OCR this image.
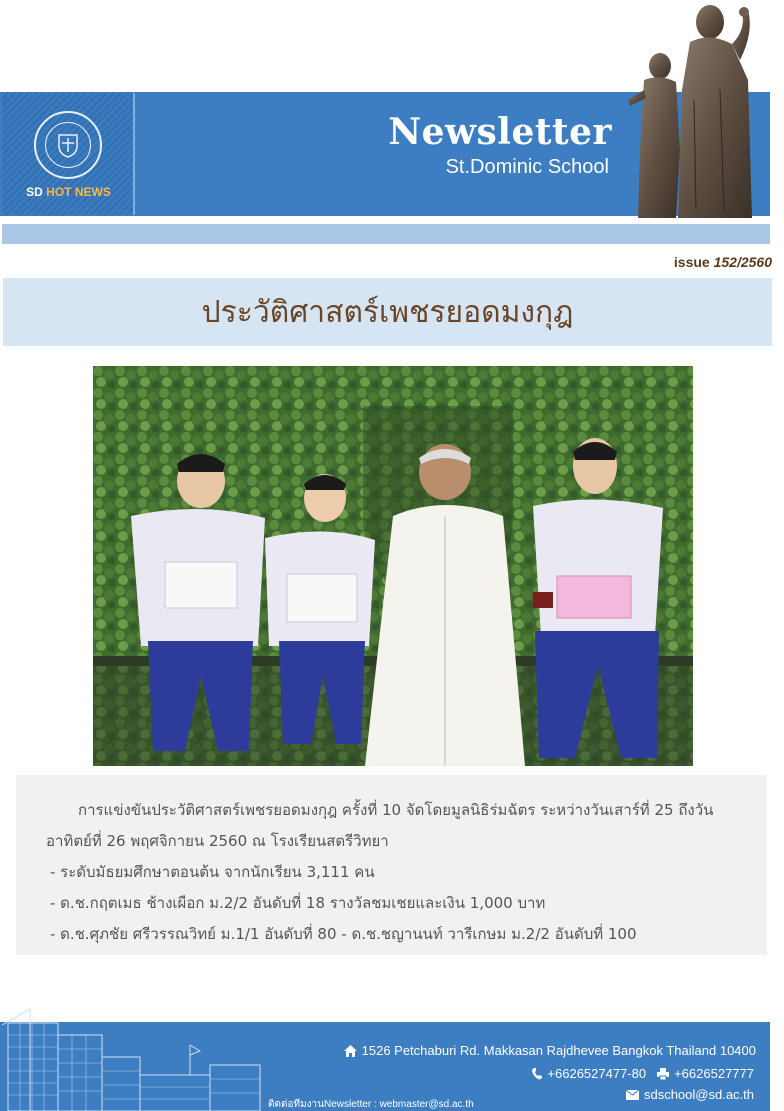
SD HOT NEWS
Newsletter
St.Dominic School
issue 152/2560
ประวัติศาสตร์เพชรยอดมงกุฎ

การแข่งขันประวัติศาสตร์เพชรยอดมงกุฎ ครั้งที่ 10 จัดโดยมูลนิธิร่มฉัตร ระหว่างวันเสาร์ที่ 25 ถึงวันอาทิตย์ที่ 26 พฤศจิกายน 2560 ณ โรงเรียนสตรีวิทยา

- ระดับมัธยมศึกษาตอนต้น จากนักเรียน 3,111 คน

- ด.ช.กฤตเมธ ช้างเผือก ม.2/2 อันดับที่ 18 รางวัลชมเชยและเงิน 1,000 บาท

- ด.ช.ศุภชัย ศรีวรรณวิทย์ ม.1/1 อันดับที่ 80 - ด.ช.ชญานนท์ วารีเกษม ม.2/2 อันดับที่ 100

1526 Petchaburi Rd. Makkasan Rajdhevee Bangkok Thailand 10400
+6626527477-80 +6626527777
sdschool@sd.ac.th
ติดต่อทีมงานNewsletter : webmaster@sd.ac.th
